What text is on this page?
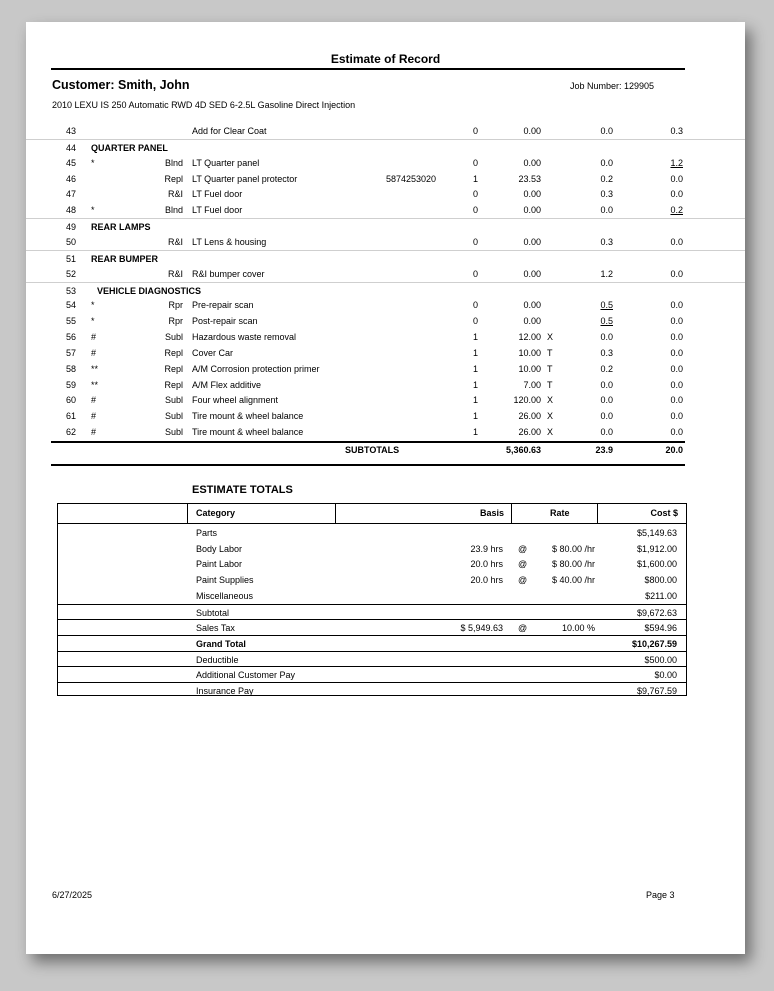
Estimate of Record
Customer: Smith, John	Job Number: 129905
2010 LEXU IS 250 Automatic RWD 4D SED 6-2.5L Gasoline Direct Injection
43	Add for Clear Coat	0	0.00	0.0	0.3
44 QUARTER PANEL
45 *	Blnd LT Quarter panel	0	0.00	0.0	1.2
46	Repl LT Quarter panel protector	5874253020	1	23.53	0.2	0.0
47	R&I LT Fuel door	0	0.00	0.3	0.0
48 *	Blnd LT Fuel door	0	0.00	0.0	0.2
49 REAR LAMPS
50	R&I LT Lens & housing	0	0.00	0.3	0.0
51 REAR BUMPER
52	R&I R&I bumper cover	0	0.00	1.2	0.0
53 VEHICLE DIAGNOSTICS
54 *	Rpr Pre-repair scan	0	0.00	0.5	0.0
55 *	Rpr Post-repair scan	0	0.00	0.5	0.0
56 #	Subl Hazardous waste removal	1	12.00 X	0.0	0.0
57 #	Repl Cover Car	1	10.00 T	0.3	0.0
58 **	Repl A/M Corrosion protection primer	1	10.00 T	0.2	0.0
59 **	Repl A/M Flex additive	1	7.00 T	0.0	0.0
60 #	Subl Four wheel alignment	1	120.00 X	0.0	0.0
61 #	Subl Tire mount & wheel balance	1	26.00 X	0.0	0.0
62 #	Subl Tire mount & wheel balance	1	26.00 X	0.0	0.0
SUBTOTALS	5,360.63	23.9	20.0
ESTIMATE TOTALS
Category	Basis	Rate	Cost $
Parts	$5,149.63
Body Labor	23.9 hrs @	$ 80.00 /hr	$1,912.00
Paint Labor	20.0 hrs @	$ 80.00 /hr	$1,600.00
Paint Supplies	20.0 hrs @	$ 40.00 /hr	$800.00
Miscellaneous	$211.00
Subtotal	$9,672.63
Sales Tax	$ 5,949.63 @	10.00 %	$594.96
Grand Total	$10,267.59
Deductible	$500.00
Additional Customer Pay	$0.00
Insurance Pay	$9,767.59
6/27/2025	Page 3
